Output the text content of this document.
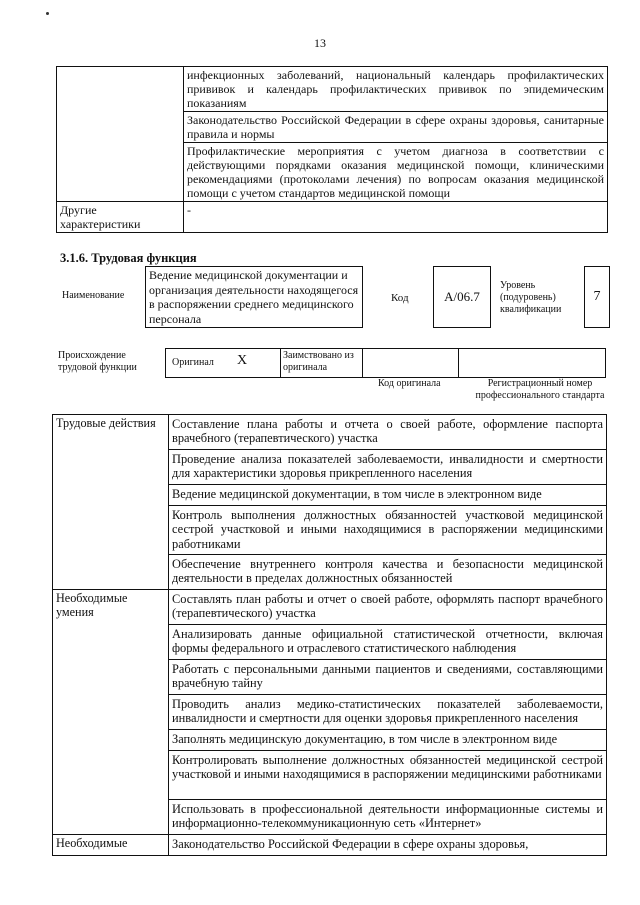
13
	инфекционных заболеваний, национальный календарь профилактических прививок и календарь профилактических прививок по эпидемическим показаниям
	Законодательство Российской Федерации в сфере охраны здоровья, санитарные правила и нормы
	Профилактические мероприятия с учетом диагноза в соответствии с действующими порядками оказания медицинской помощи, клиническими рекомендациями (протоколами лечения) по вопросам оказания медицинской помощи с учетом стандартов медицинской помощи
Другие характеристики	-
3.1.6. Трудовая функция
Наименование
Ведение медицинской документации и организация деятельности находящегося в распоряжении среднего медицинского персонала
Код	A/06.7
Уровень (подуровень) квалификации
7
Происхождение трудовой функции	Оригинал X	Заимствовано из оригинала
Код оригинала	Регистрационный номер профессионального стандарта
Трудовые действия	Составление плана работы и отчета о своей работе, оформление паспорта врачебного (терапевтического) участка
	Проведение анализа показателей заболеваемости, инвалидности и смертности для характеристики здоровья прикрепленного населения
	Ведение медицинской документации, в том числе в электронном виде
	Контроль выполнения должностных обязанностей участковой медицинской сестрой участковой и иными находящимися в распоряжении медицинскими работниками
	Обеспечение внутреннего контроля качества и безопасности медицинской деятельности в пределах должностных обязанностей
Необходимые умения	Составлять план работы и отчет о своей работе, оформлять паспорт врачебного (терапевтического) участка
	Анализировать данные официальной статистической отчетности, включая формы федерального и отраслевого статистического наблюдения
	Работать с персональными данными пациентов и сведениями, составляющими врачебную тайну
	Проводить анализ медико-статистических показателей заболеваемости, инвалидности и смертности для оценки здоровья прикрепленного населения
	Заполнять медицинскую документацию, в том числе в электронном виде
	Контролировать выполнение должностных обязанностей медицинской сестрой участковой и иными находящимися в распоряжении медицинскими работниками
	Использовать в профессиональной деятельности информационные системы и информационно-телекоммуникационную сеть «Интернет»
Необходимые	Законодательство Российской Федерации в сфере охраны здоровья,
